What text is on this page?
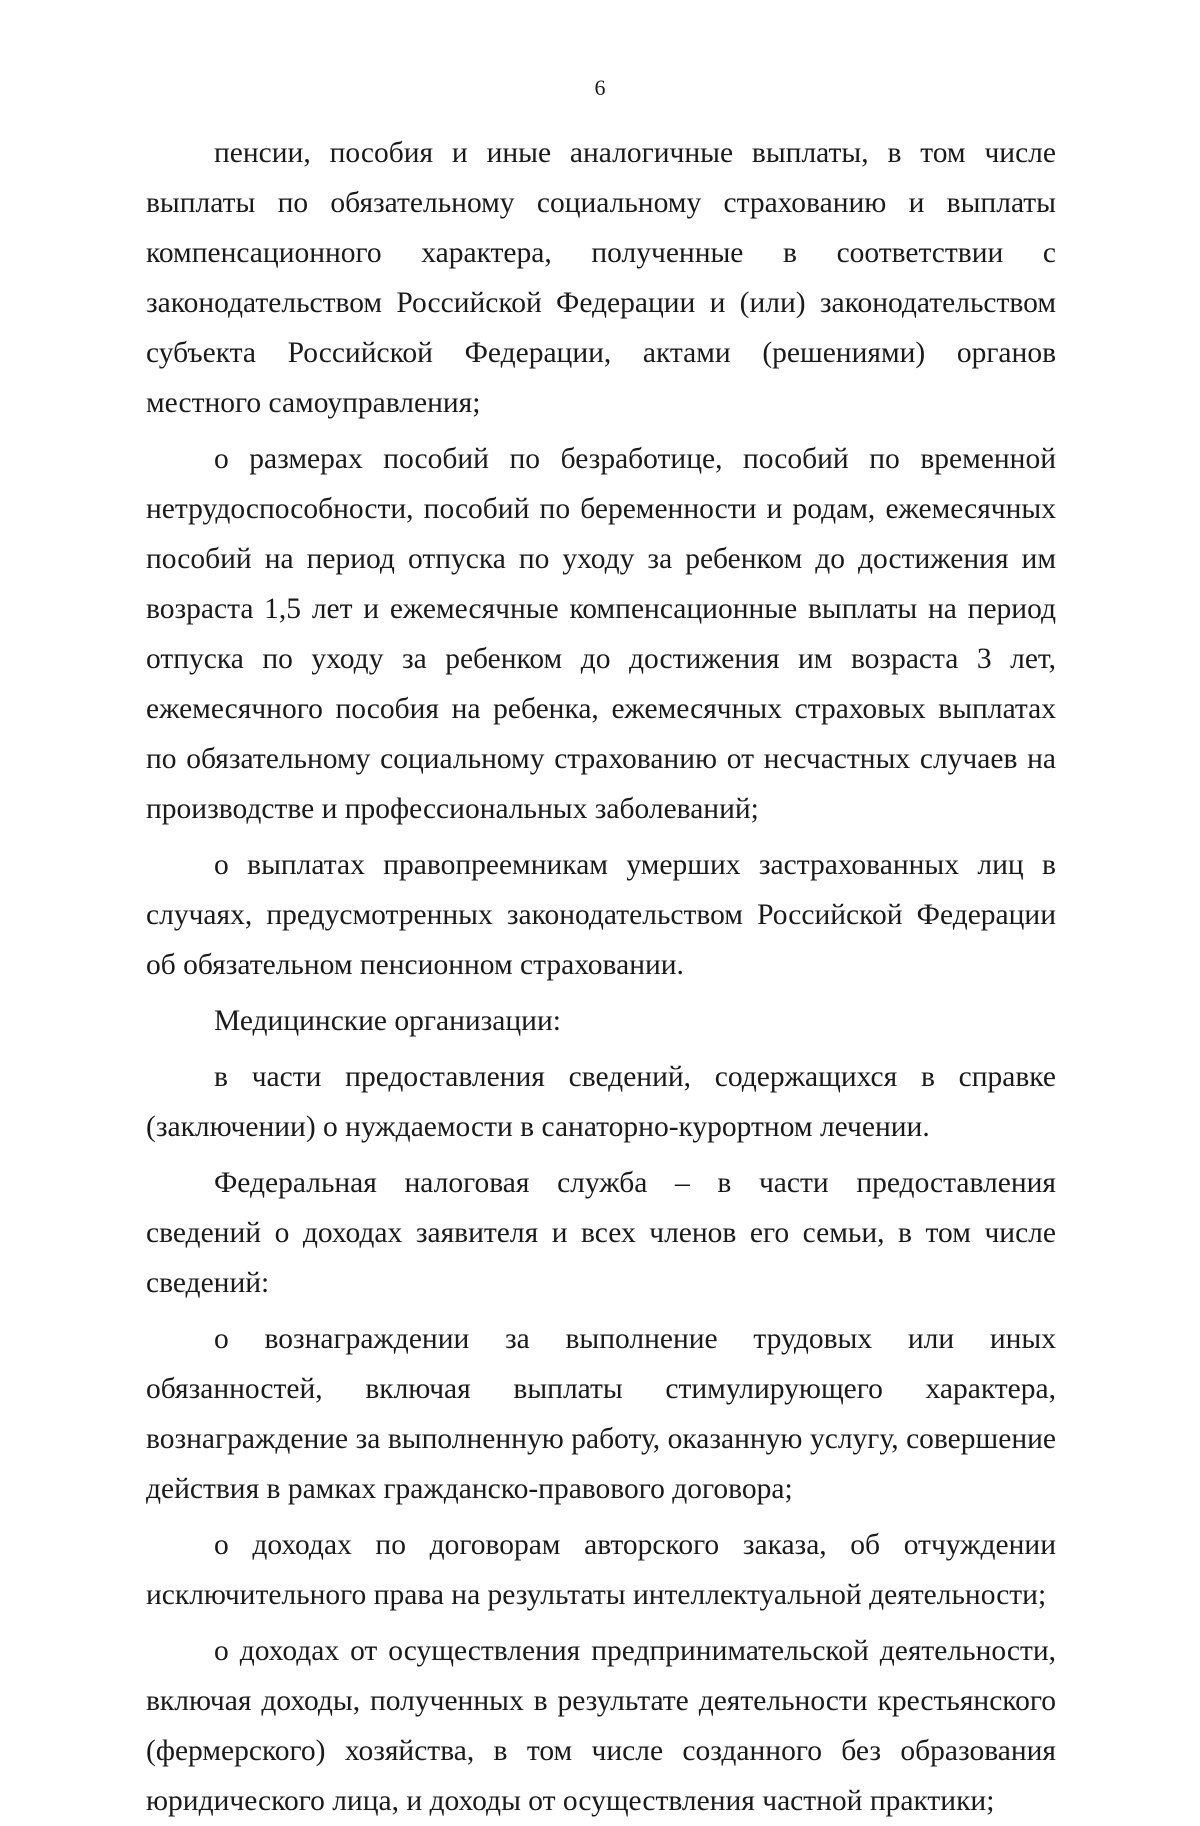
6

пенсии, пособия и иные аналогичные выплаты, в том числе выплаты по обязательному социальному страхованию и выплаты компенсационного характера, полученные в соответствии с законодательством Российской Федерации и (или) законодательством субъекта Российской Федерации, актами (решениями) органов местного самоуправления;

о размерах пособий по безработице, пособий по временной нетрудоспособности, пособий по беременности и родам, ежемесячных пособий на период отпуска по уходу за ребенком до достижения им возраста 1,5 лет и ежемесячные компенсационные выплаты на период отпуска по уходу за ребенком до достижения им возраста 3 лет, ежемесячного пособия на ребенка, ежемесячных страховых выплатах по обязательному социальному страхованию от несчастных случаев на производстве и профессиональных заболеваний;

о выплатах правопреемникам умерших застрахованных лиц в случаях, предусмотренных законодательством Российской Федерации об обязательном пенсионном страховании.

Медицинские организации:

в части предоставления сведений, содержащихся в справке (заключении) о нуждаемости в санаторно-курортном лечении.

Федеральная налоговая служба – в части предоставления сведений о доходах заявителя и всех членов его семьи, в том числе сведений:

о вознаграждении за выполнение трудовых или иных обязанностей, включая выплаты стимулирующего характера, вознаграждение за выполненную работу, оказанную услугу, совершение действия в рамках гражданско-правового договора;

о доходах по договорам авторского заказа, об отчуждении исключительного права на результаты интеллектуальной деятельности;

о доходах от осуществления предпринимательской деятельности, включая доходы, полученных в результате деятельности крестьянского (фермерского) хозяйства, в том числе созданного без образования юридического лица, и доходы от осуществления частной практики;
